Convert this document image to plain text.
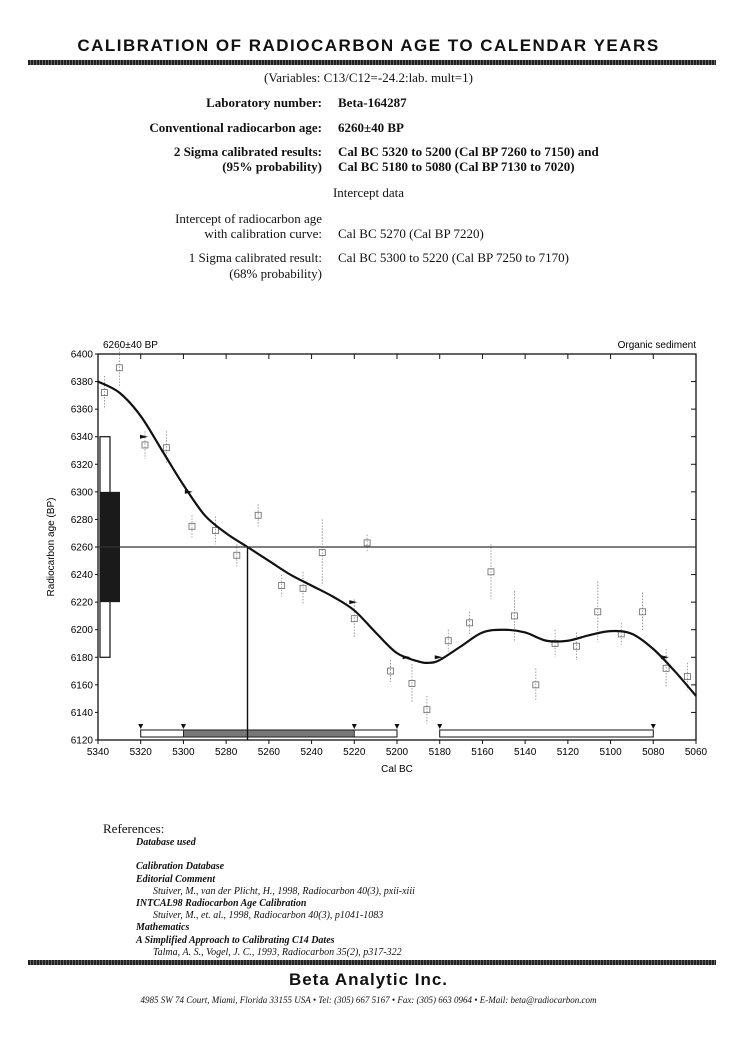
CALIBRATION OF RADIOCARBON AGE TO CALENDAR YEARS
(Variables: C13/C12=-24.2:lab. mult=1)
Laboratory number: Beta-164287
Conventional radiocarbon age: 6260±40 BP
2 Sigma calibrated results:
(95% probability)
Cal BC 5320 to 5200 (Cal BP 7260 to 7150) and
Cal BC 5180 to 5080 (Cal BP 7130 to 7020)
Intercept data
Intercept of radiocarbon age
with calibration curve: Cal BC 5270 (Cal BP 7220)
1 Sigma calibrated result:
(68% probability)
Cal BC 5300 to 5220 (Cal BP 7250 to 7170)
6260±40 BP	Organic sediment
5340 5320 5300 5280 5260 5240 5220 5200 5180 5160 5140 5120 5100 5080 5060
6120
6140
6160
6180
6200
6220
6240
6260
6280
6300
6320
6340
6360
6380
6400
Cal BC
Radiocarbon age (BP)
References:
Database used
Calibration Database
Editorial Comment
Stuiver, M., van der Plicht, H., 1998, Radiocarbon 40(3), pxii-xiii
INTCAL98 Radiocarbon Age Calibration
Stuiver, M., et. al., 1998, Radiocarbon 40(3), p1041-1083
Mathematics
A Simplified Approach to Calibrating C14 Dates
Talma, A. S., Vogel, J. C., 1993, Radiocarbon 35(2), p317-322
Beta Analytic Inc.
4985 SW 74 Court, Miami, Florida 33155 USA • Tel: (305) 667 5167 • Fax: (305) 663 0964 • E-Mail: beta@radiocarbon.com
